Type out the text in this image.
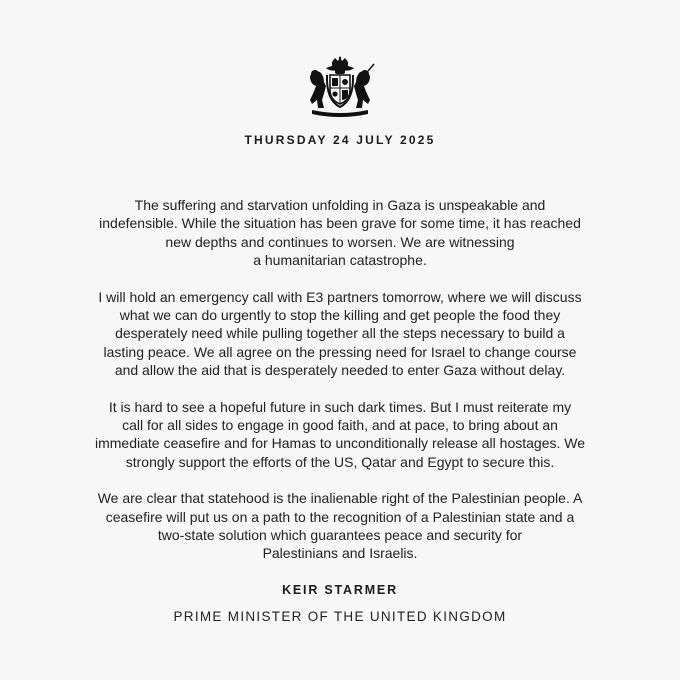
THURSDAY 24 JULY 2025

The suffering and starvation unfolding in Gaza is unspeakable and
indefensible. While the situation has been grave for some time, it has reached
new depths and continues to worsen. We are witnessing
a humanitarian catastrophe.

I will hold an emergency call with E3 partners tomorrow, where we will discuss
what we can do urgently to stop the killing and get people the food they
desperately need while pulling together all the steps necessary to build a
lasting peace. We all agree on the pressing need for Israel to change course
and allow the aid that is desperately needed to enter Gaza without delay.

It is hard to see a hopeful future in such dark times. But I must reiterate my
call for all sides to engage in good faith, and at pace, to bring about an
immediate ceasefire and for Hamas to unconditionally release all hostages. We
strongly support the efforts of the US, Qatar and Egypt to secure this.

We are clear that statehood is the inalienable right of the Palestinian people. A
ceasefire will put us on a path to the recognition of a Palestinian state and a
two-state solution which guarantees peace and security for
Palestinians and Israelis.

KEIR STARMER
PRIME MINISTER OF THE UNITED KINGDOM
